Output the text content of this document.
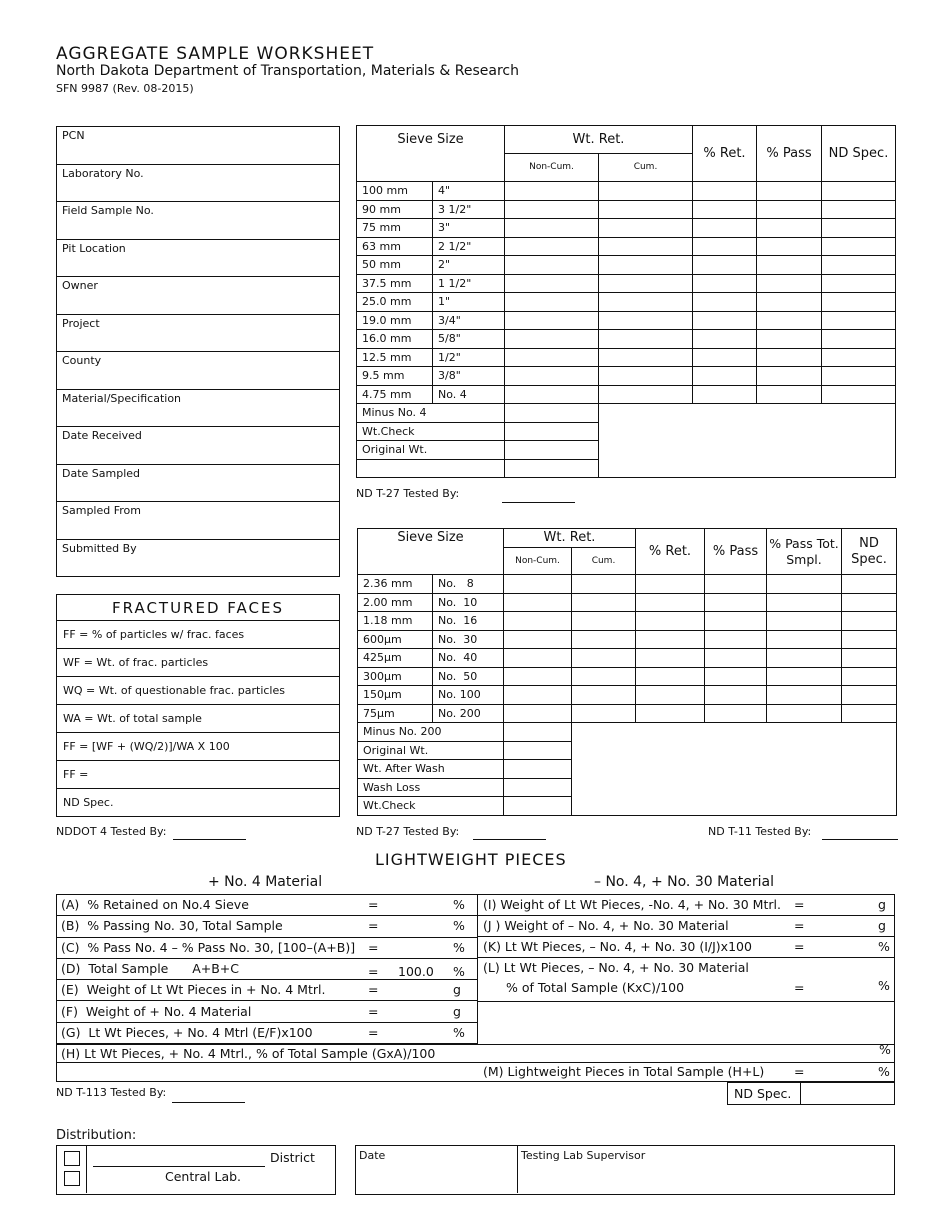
AGGREGATE SAMPLE WORKSHEET
North Dakota Department of Transportation, Materials & Research
SFN 9987 (Rev. 08-2015)
PCN
Laboratory No.
Field Sample No.
Pit Location
Owner
Project
County
Material/Specification
Date Received
Date Sampled
Sampled From
Submitted By
Sieve Size		Wt. Ret.		% Ret.	% Pass	ND Spec.
		Non-Cum.	Cum.			
100 mm	4"					
90 mm	3 1/2"					
75 mm	3"					
63 mm	2 1/2"					
50 mm	2"					
37.5 mm	1 1/2"					
25.0 mm	1"					
19.0 mm	3/4"					
16.0 mm	5/8"					
12.5 mm	1/2"					
9.5 mm	3/8"					
4.75 mm	No. 4					
Minus No. 4						
Wt.Check						
Original Wt.						

ND T-27 Tested By:
Sieve Size		Wt. Ret.		% Ret.	% Pass	% Pass Tot. Smpl.	ND Spec.
		Non-Cum.	Cum.				
2.36 mm	No.   8						
2.00 mm	No.  10						
1.18 mm	No.  16						
600µm	No.  30						
425µm	No.  40						
300µm	No.  50						
150µm	No. 100						
75µm	No. 200						
Minus No. 200							
Original Wt.							
Wt. After Wash							
Wash Loss							
Wt.Check							
ND T-27 Tested By:	ND T-11 Tested By:
FRACTURED FACES
FF = % of particles w/ frac. faces
WF = Wt. of frac. particles
WQ = Wt. of questionable frac. particles
WA = Wt. of total sample
FF = [WF + (WQ/2)]/WA X 100
FF =
ND Spec.
NDDOT 4 Tested By:
LIGHTWEIGHT PIECES
+ No. 4 Material	– No. 4, + No. 30 Material
(A)  % Retained on No.4 Sieve	=	%
(B)  % Passing No. 30, Total Sample	=	%
(C)  % Pass No. 4 – % Pass No. 30, [100–(A+B)] =	%
(D)  Total Sample      A+B+C	= 100.0 %
(E)  Weight of Lt Wt Pieces in + No. 4 Mtrl.	=	g
(F)  Weight of + No. 4 Material	=	g
(G)  Lt Wt Pieces, + No. 4 Mtrl (E/F)x100	=	%
(I) Weight of Lt Wt Pieces, -No. 4, + No. 30 Mtrl. =	g
(J ) Weight of – No. 4, + No. 30 Material	=	g
(K) Lt Wt Pieces, – No. 4, + No. 30 (I/J)x100	=	%
(L) Lt Wt Pieces, – No. 4, + No. 30 Material
% of Total Sample (KxC)/100	=	%
(H) Lt Wt Pieces, + No. 4 Mtrl., % of Total Sample (GxA)/100	%
(M) Lightweight Pieces in Total Sample (H+L) =	%
ND T-113 Tested By:	ND Spec.
Distribution:
District
Central Lab.
Date	Testing Lab Supervisor
